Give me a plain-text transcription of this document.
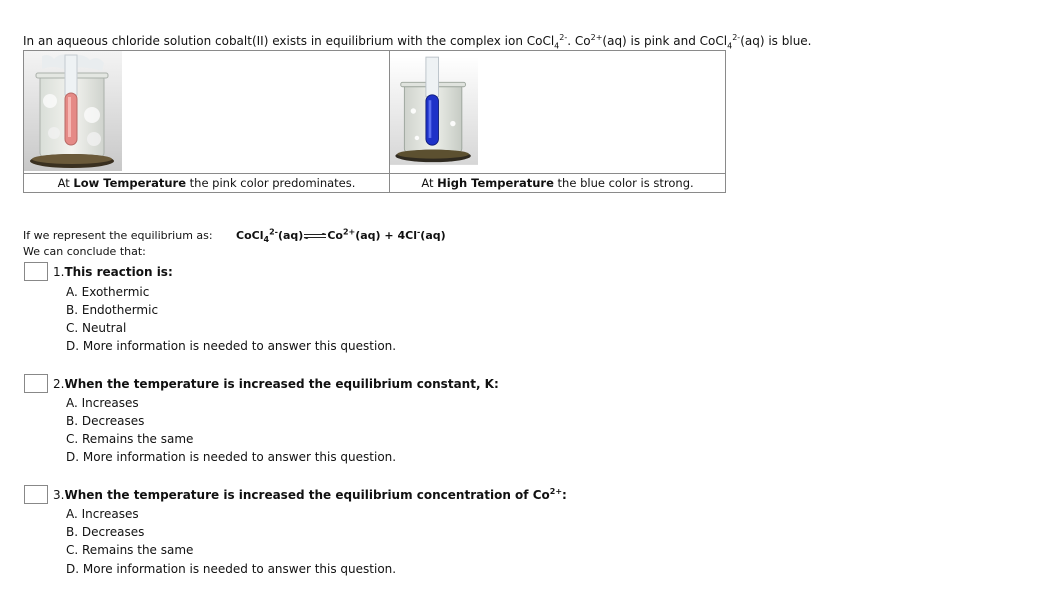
In an aqueous chloride solution cobalt(II) exists in equilibrium with the complex ion CoCl$_4^{2-}$. $Co^{2+}(aq)$ is pink and CoCl$_4^{2-}$(aq) is blue.
At Low Temperature the pink color predominates.	At High Temperature the blue color is strong.
If we represent the equilibrium as: $CoCl_4^{2-}(aq)\rightleftharpoons Co^{2+}(aq) + 4Cl^-(aq)$
We can conclude that:
1.This reaction is:
A. Exothermic
B. Endothermic
C. Neutral
D. More information is needed to answer this question.
2.When the temperature is increased the equilibrium constant, K:
A. Increases
B. Decreases
C. Remains the same
D. More information is needed to answer this question.
3.When the temperature is increased the equilibrium concentration of $Co^{2+}$:
A. Increases
B. Decreases
C. Remains the same
D. More information is needed to answer this question.
